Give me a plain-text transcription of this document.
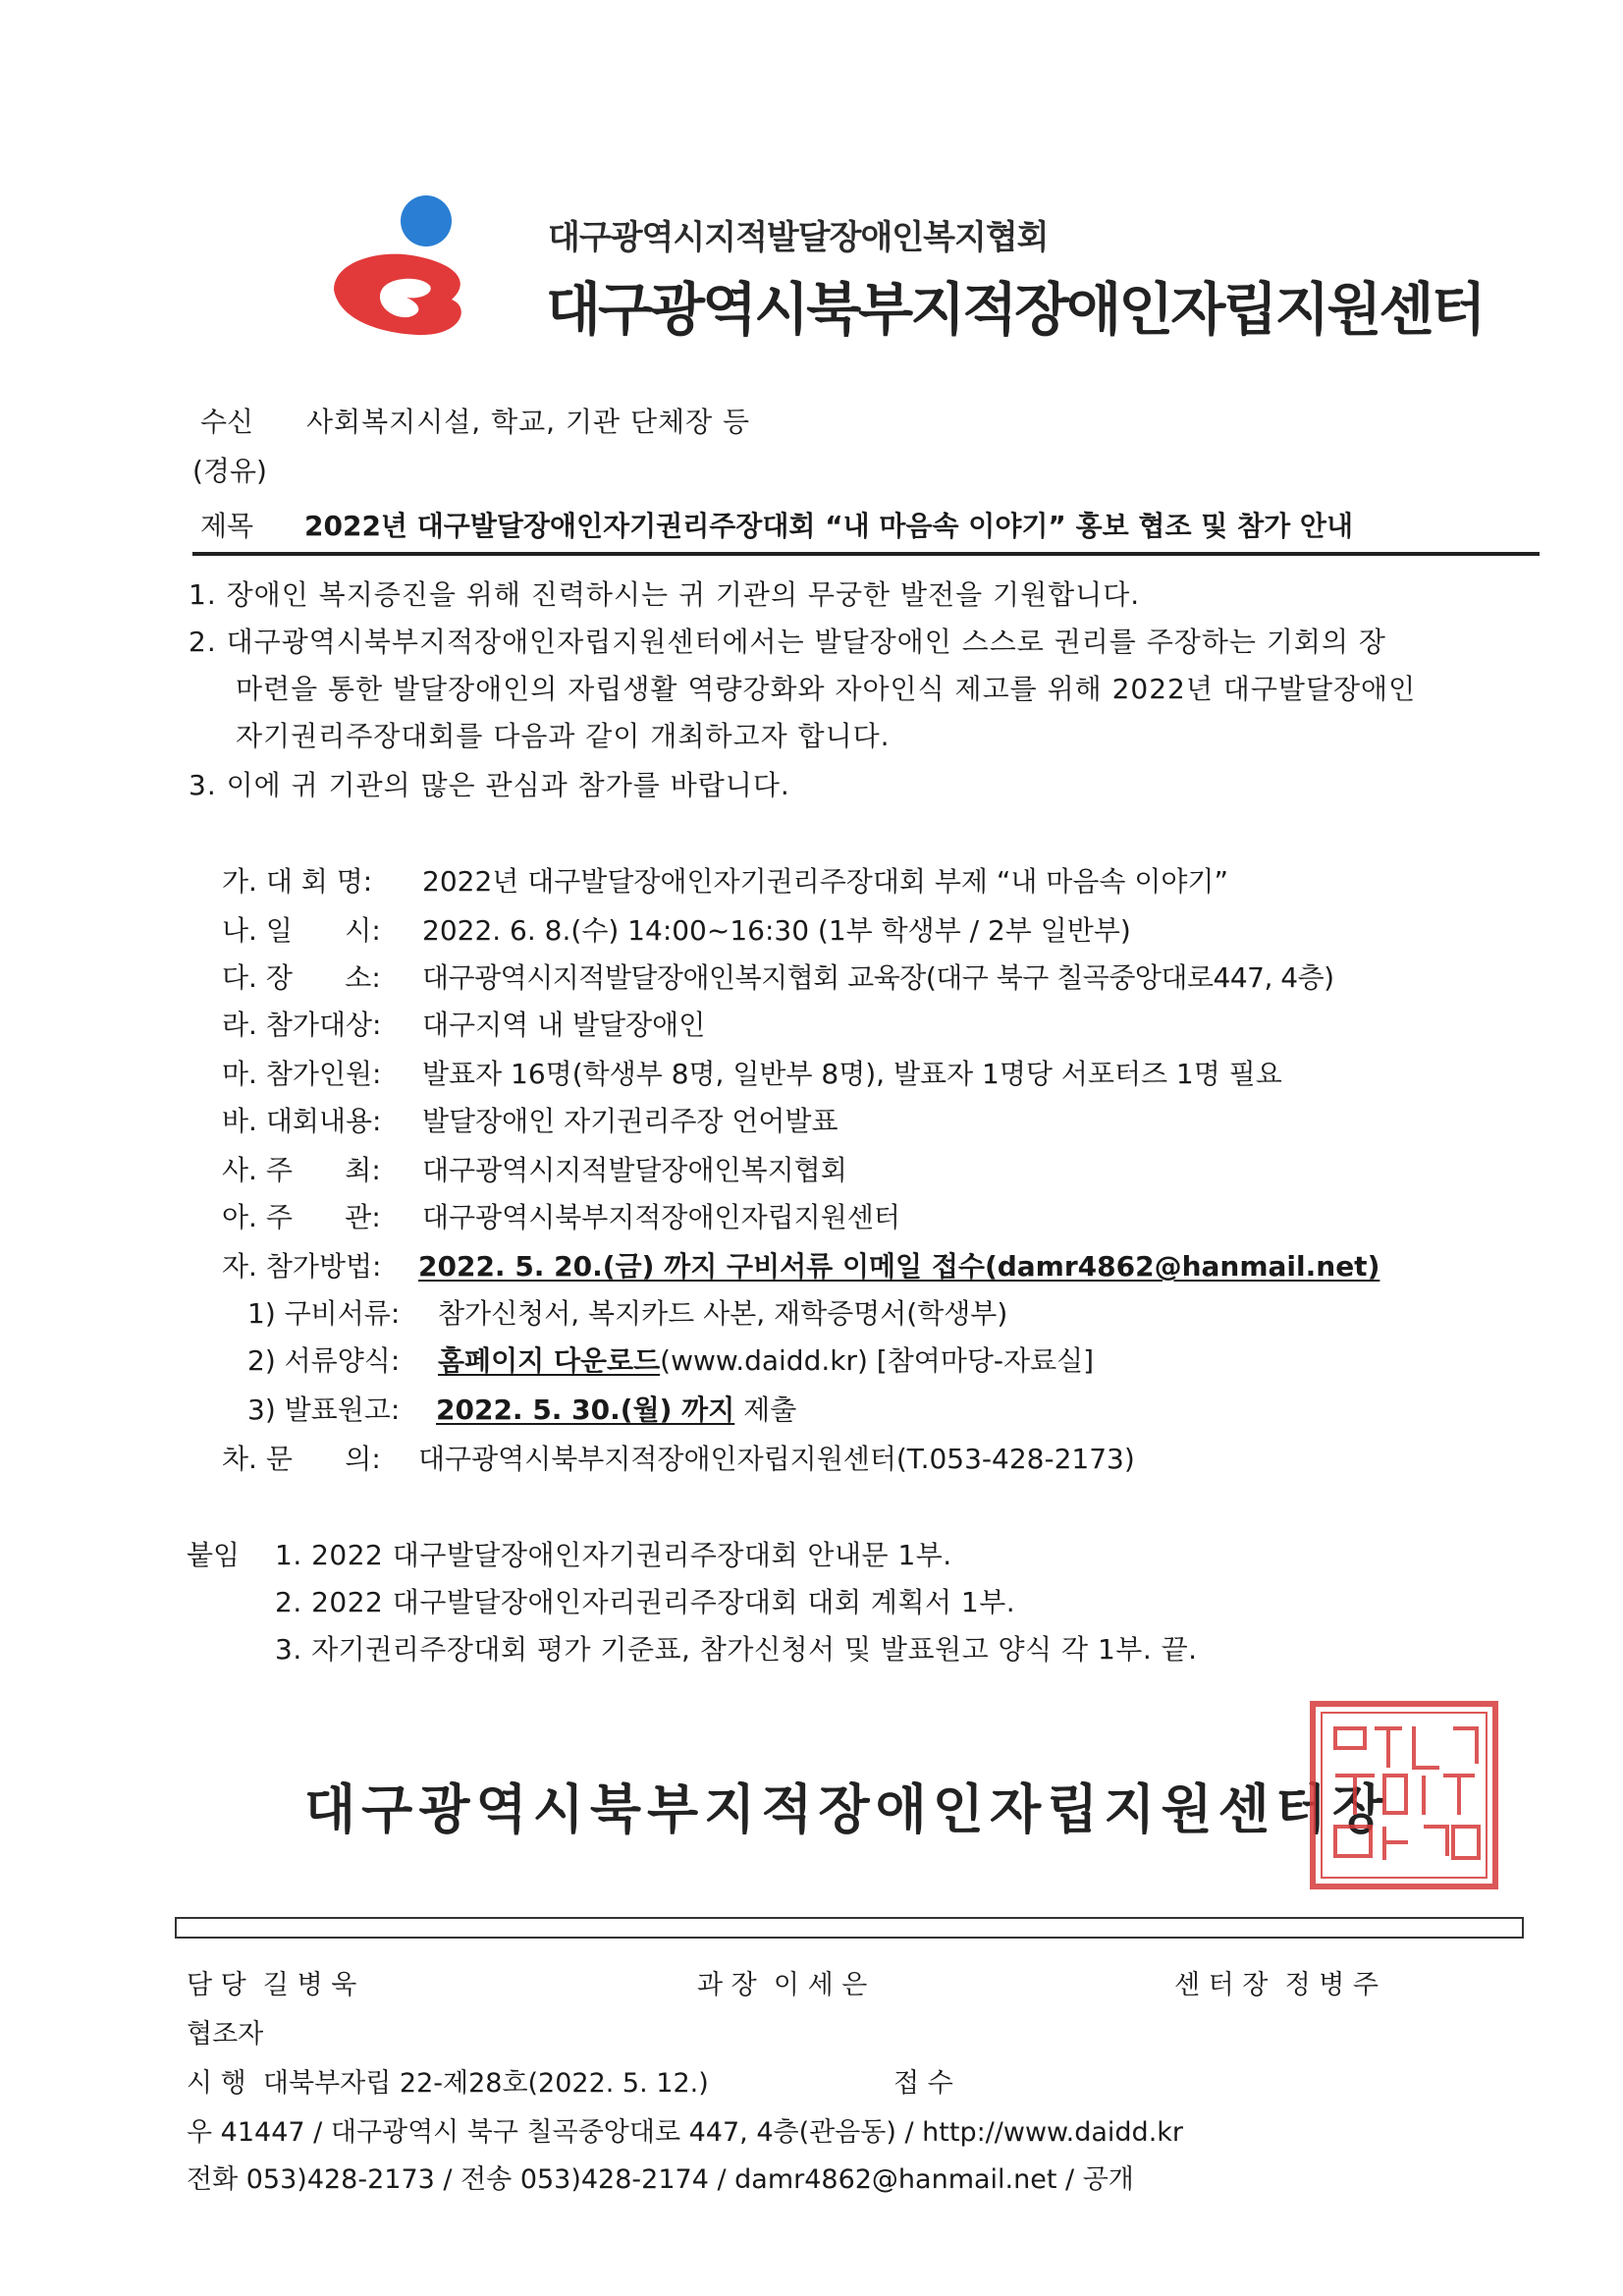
대구광역시지적발달장애인복지협회
대구광역시북부지적장애인자립지원센터
수신 사회복지시설, 학교, 기관 단체장 등
(경유)
제목 2022년 대구발달장애인자기권리주장대회 “내 마음속 이야기” 홍보 협조 및 참가 안내
1. 장애인 복지증진을 위해 진력하시는 귀 기관의 무궁한 발전을 기원합니다.
2. 대구광역시북부지적장애인자립지원센터에서는 발달장애인 스스로 권리를 주장하는 기회의 장
마련을 통한 발달장애인의 자립생활 역량강화와 자아인식 제고를 위해 2022년 대구발달장애인
자기권리주장대회를 다음과 같이 개최하고자 합니다.
3. 이에 귀 기관의 많은 관심과 참가를 바랍니다.
가. 대 회 명: 2022년 대구발달장애인자기권리주장대회 부제 “내 마음속 이야기”
나. 일      시: 2022. 6. 8.(수) 14:00~16:30 (1부 학생부 / 2부 일반부)
다. 장      소: 대구광역시지적발달장애인복지협회 교육장(대구 북구 칠곡중앙대로447, 4층)
라. 참가대상: 대구지역 내 발달장애인
마. 참가인원: 발표자 16명(학생부 8명, 일반부 8명), 발표자 1명당 서포터즈 1명 필요
바. 대회내용: 발달장애인 자기권리주장 언어발표
사. 주      최: 대구광역시지적발달장애인복지협회
아. 주      관: 대구광역시북부지적장애인자립지원센터
자. 참가방법: 2022. 5. 20.(금) 까지 구비서류 이메일 접수(damr4862@hanmail.net)
1) 구비서류: 참가신청서, 복지카드 사본, 재학증명서(학생부)
2) 서류양식: 홈페이지 다운로드(www.daidd.kr) [참여마당-자료실]
3) 발표원고: 2022. 5. 30.(월) 까지 제출
차. 문      의: 대구광역시북부지적장애인자립지원센터(T.053-428-2173)
붙임 1. 2022 대구발달장애인자기권리주장대회 안내문 1부.
2. 2022 대구발달장애인자리권리주장대회 대회 계획서 1부.
3. 자기권리주장대회 평가 기준표, 참가신청서 및 발표원고 양식 각 1부. 끝.
대구광역시북부지적장애인자립지원센터장
담 당  길 병 욱	과 장  이 세 은	센 터 장  정 병 주
협조자
시 행  대북부자립 22-제28호(2022. 5. 12.)	접 수
우 41447 / 대구광역시 북구 칠곡중앙대로 447, 4층(관음동) / http://www.daidd.kr
전화 053)428-2173 / 전송 053)428-2174 / damr4862@hanmail.net / 공개
